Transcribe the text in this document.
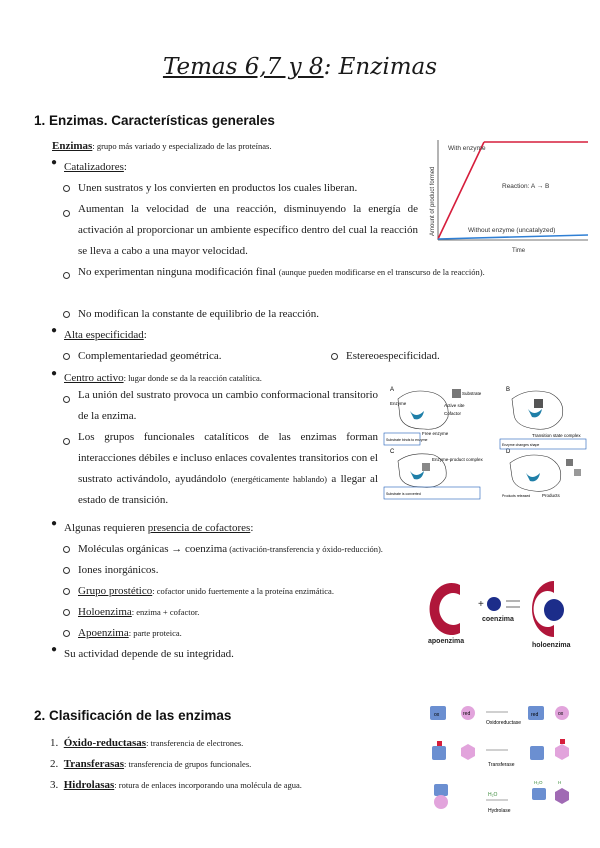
Temas 6,7 y 8: Enzimas
1. Enzimas. Características generales
Enzimas: grupo más variado y especializado de las proteínas.
● Catalizadores:
Unen sustratos y los convierten en productos los cuales liberan.
Aumentan la velocidad de una reacción, disminuyendo la energía de activación al proporcionar un ambiente específico dentro del cual la reacción se lleva a cabo a una mayor velocidad.
No experimentan ninguna modificación final (aunque pueden modificarse en el transcurso de la reacción).
No modifican la constante de equilibrio de la reacción.
● Alta especificidad:
Complementariedad geométrica.	Estereoespecificidad.
● Centro activo: lugar donde se da la reacción catalítica.
La unión del sustrato provoca un cambio conformacional transitorio de la enzima.
Los grupos funcionales catalíticos de las enzimas forman interacciones débiles e incluso enlaces covalentes transitorios con el sustrato activándolo, ayudándolo (energéticamente hablando) a llegar al estado de transición.
● Algunas requieren presencia de cofactores:
Moléculas orgánicas → coenzima (activación-transferencia y óxido-reducción).
Iones inorgánicos.
Grupo prostético: cofactor unido fuertemente a la proteína enzimática.
Holoenzima: enzima + cofactor.
Apoenzima: parte proteica.
● Su actividad depende de su integridad.
2. Clasificación de las enzimas
1. Óxido-reductasas: transferencia de electrones.
2. Transferasas: transferencia de grupos funcionales.
3. Hidrolasas: rotura de enlaces incorporando una molécula de agua.
With enzyme
Reaction: A → B
Without enzyme (uncatalyzed)
Time
Amount of product formed
A	B
C	D
Substrate
Active site
Cofactor
Enzyme
Free enzyme
Substrate binds to enzyme
Transition state complex
Enzyme changes shape
Enzyme-product complex
Substrate is converted	Products
Products released
+
apoenzima
coenzima
holoenzima
ox	red
Oxidoreductase
red	ox
Transferase
H₂O
Hydrolase
H₂O	H
